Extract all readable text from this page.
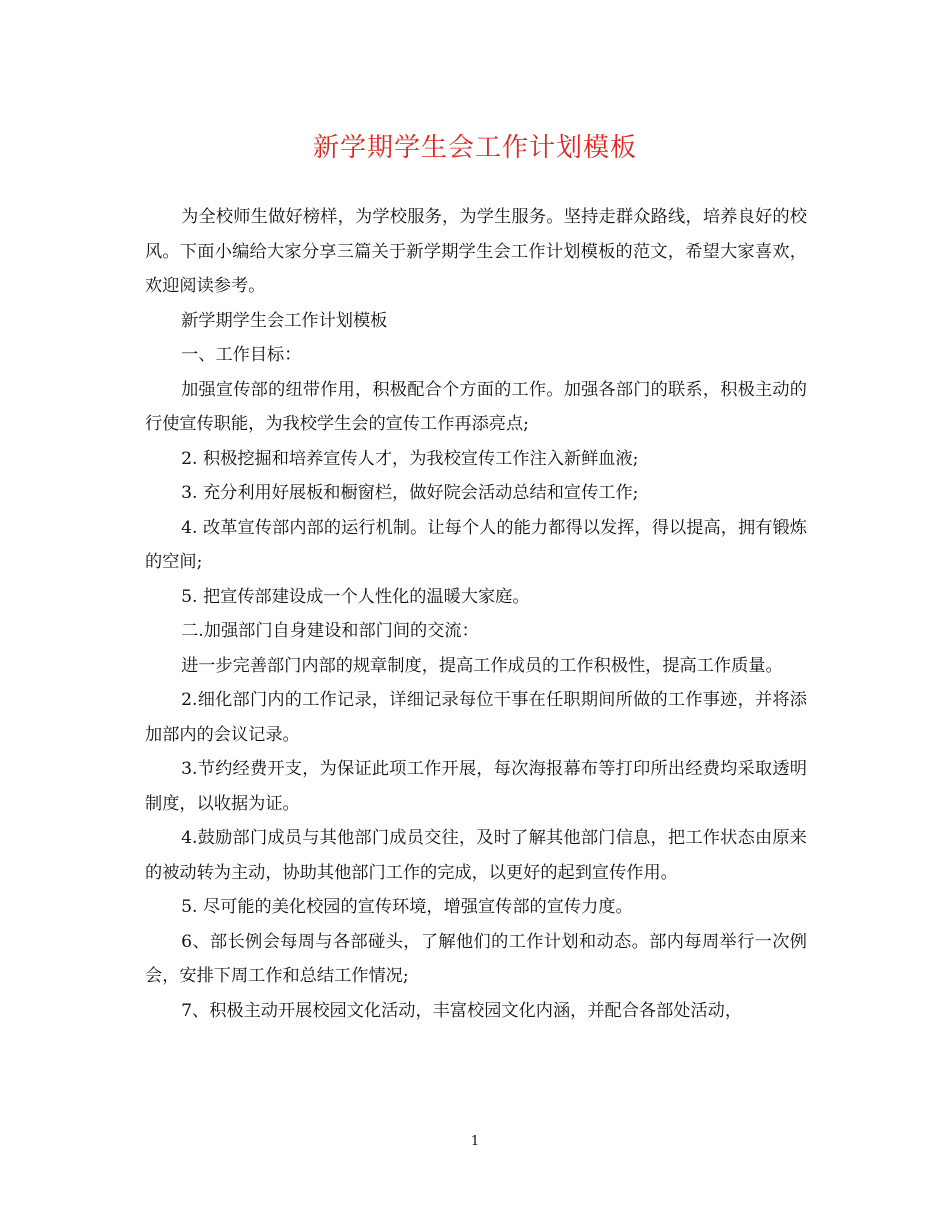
新学期学生会工作计划模板

为全校师生做好榜样，为学校服务，为学生服务。坚持走群众路线，培养良好的校风。下面小编给大家分享三篇关于新学期学生会工作计划模板的范文，希望大家喜欢，欢迎阅读参考。

新学期学生会工作计划模板

一、工作目标：

加强宣传部的纽带作用，积极配合个方面的工作。加强各部门的联系，积极主动的行使宣传职能，为我校学生会的宣传工作再添亮点;

2. 积极挖掘和培养宣传人才，为我校宣传工作注入新鲜血液;

3. 充分利用好展板和橱窗栏，做好院会活动总结和宣传工作;

4. 改革宣传部内部的运行机制。让每个人的能力都得以发挥，得以提高，拥有锻炼的空间;

5. 把宣传部建设成一个人性化的温暖大家庭。

二.加强部门自身建设和部门间的交流：

进一步完善部门内部的规章制度，提高工作成员的工作积极性，提高工作质量。

2.细化部门内的工作记录，详细记录每位干事在任职期间所做的工作事迹，并将添加部内的会议记录。

3.节约经费开支，为保证此项工作开展，每次海报幕布等打印所出经费均采取透明制度，以收据为证。

4.鼓励部门成员与其他部门成员交往，及时了解其他部门信息，把工作状态由原来的被动转为主动，协助其他部门工作的完成，以更好的起到宣传作用。

5. 尽可能的美化校园的宣传环境，增强宣传部的宣传力度。

6、部长例会每周与各部碰头，了解他们的工作计划和动态。部内每周举行一次例会，安排下周工作和总结工作情况;

7、积极主动开展校园文化活动，丰富校园文化内涵，并配合各部处活动，

1
